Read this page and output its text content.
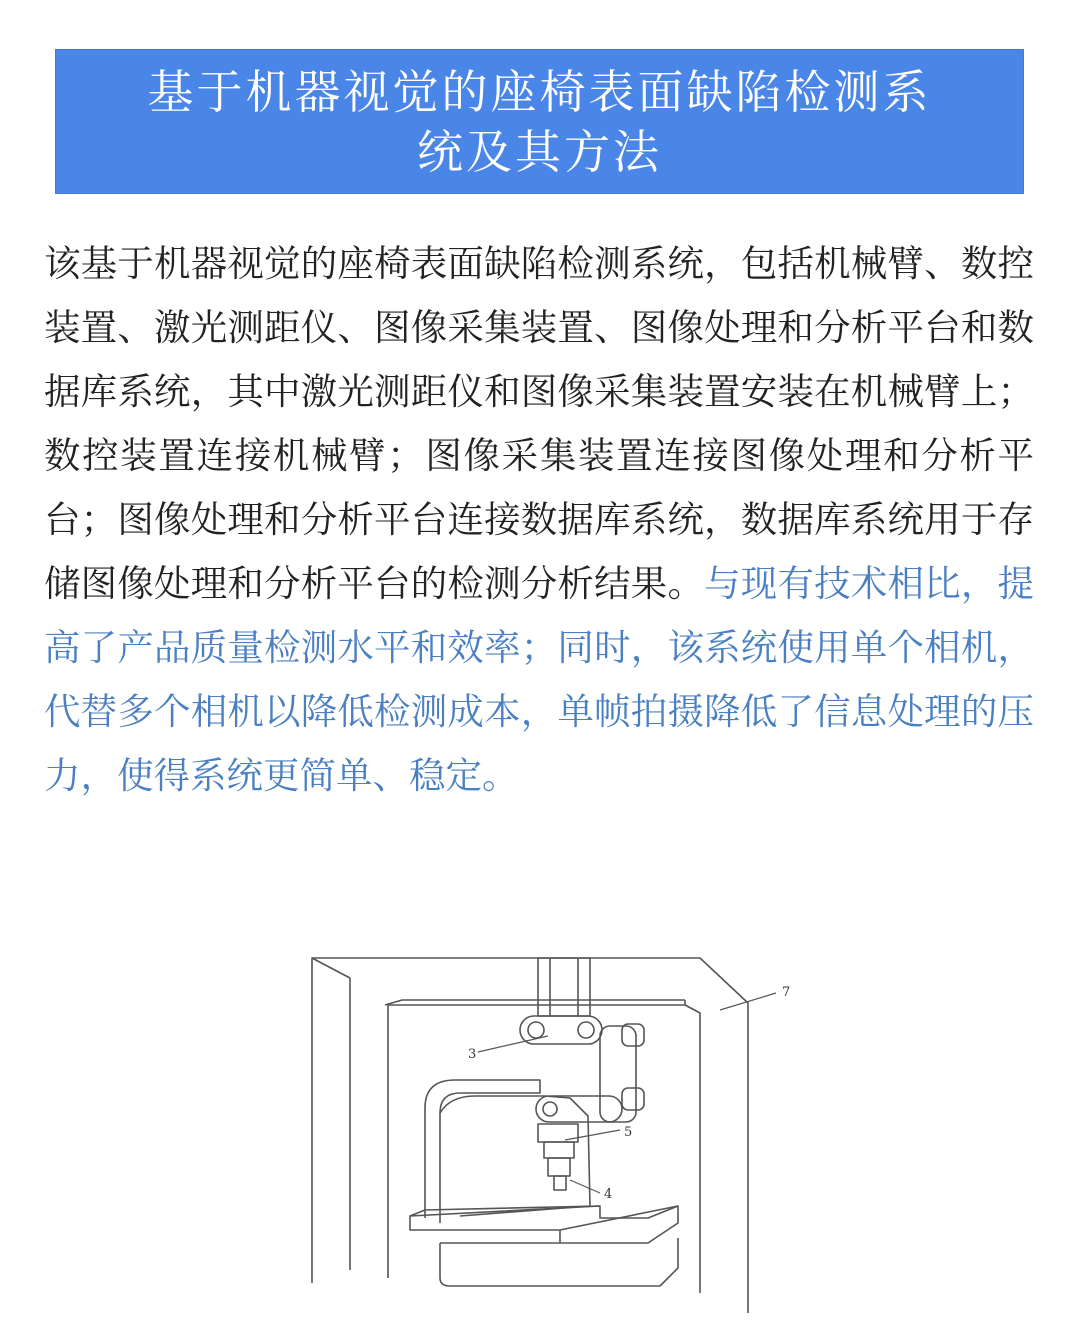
基于机器视觉的座椅表面缺陷检测系
统及其方法
该基于机器视觉的座椅表面缺陷检测系统，包括机械臂、数控装置、激光测距仪、图像采集装置、图像处理和分析平台和数据库系统，其中激光测距仪和图像采集装置安装在机械臂上；数控装置连接机械臂；图像采集装置连接图像处理和分析平台；图像处理和分析平台连接数据库系统，数据库系统用于存储图像处理和分析平台的检测分析结果。与现有技术相比，提高了产品质量检测水平和效率；同时，该系统使用单个相机，代替多个相机以降低检测成本，单帧拍摄降低了信息处理的压力，使得系统更简单、稳定。
3
5
4
7
